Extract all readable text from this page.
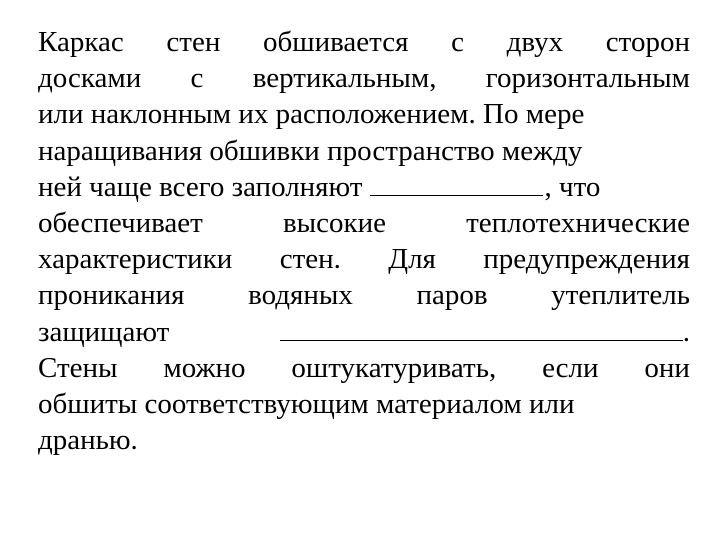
Каркас стен обшивается с двух сторон
досками с вертикальным, горизонтальным
или наклонным их расположением. По мере
наращивания обшивки пространство между
ней чаще всего заполняют	, что
обеспечивает	высокие	теплотехнические
характеристики стен. Для предупреждения
проникания водяных паров утеплитель
защищают	.
Стены можно оштукатуривать, если они
обшиты соответствующим материалом или
дранью.
